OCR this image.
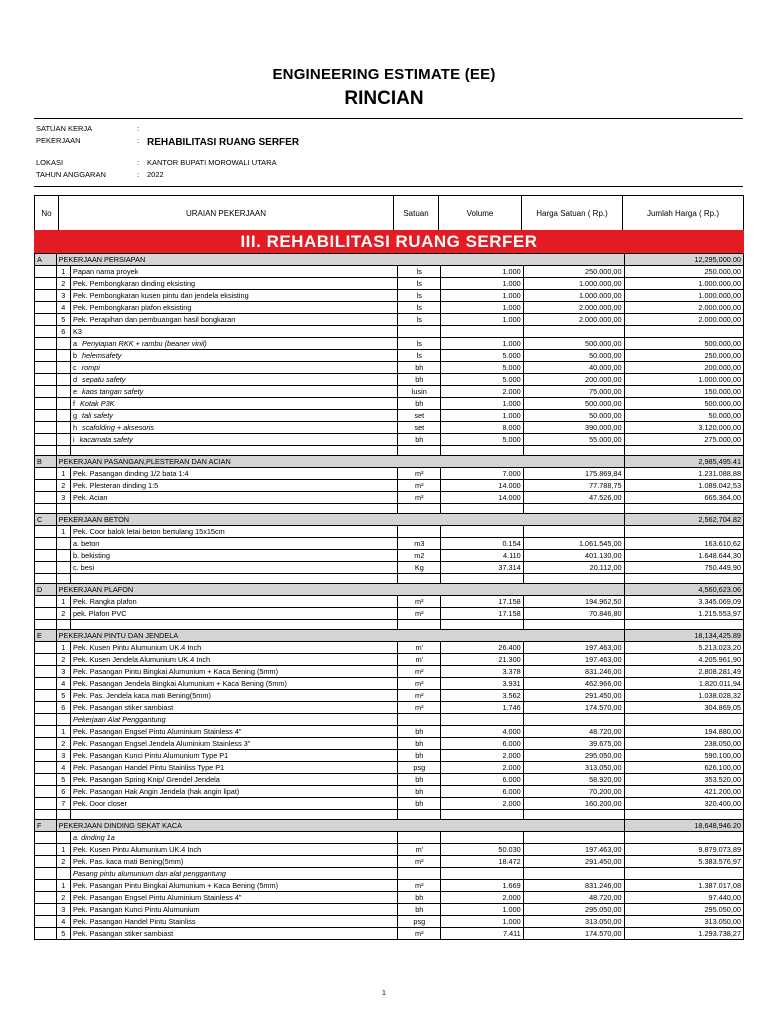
ENGINEERING ESTIMATE (EE)
RINCIAN
SATUAN KERJA	:
PEKERJAAN	: REHABILITASI RUANG SERFER
LOKASI	: KANTOR BUPATI MOROWALI UTARA
TAHUN ANGGARAN	: 2022
No	URAIAN PEKERJAAN	Satuan	Volume	Harga Satuan ( Rp.)	Jumlah Harga ( Rp.)
III. REHABILITASI RUANG SERFER
A	PEKERJAAN PERSIAPAN					12,295,000.00
	1	Papan nama proyek	ls	1.000	250.000,00	250.000,00
	2	Pek. Pembongkaran dinding eksisting	ls	1.000	1.000.000,00	1.000.000,00
	3	Pek. Pembongkaran kusen pintu dan jendela eksisting	ls	1.000	1.000.000,00	1.000.000,00
	4	Pek. Pembongkaran plafon eksisting	ls	1.000	2.000.000,00	2.000.000,00
	5	Pek. Perapihan dan pembuangan hasil bongkaran	ls	1.000	2.000.000,00	2.000.000,00
	6	K3				
		a Penyiapan RKK + rambu (beaner vinil)	ls	1.000	500.000,00	500.000,00
		b helemsafety	ls	5.000	50.000,00	250.000,00
		c rompi	bh	5.000	40.000,00	200.000,00
		d sepatu safety	bh	5.000	200.000,00	1.000.000,00
		e kaos tangan safety	lusin	2.000	75.000,00	150.000,00
		f Kotak P3K	bh	1.000	500.000,00	500.000,00
		g tali safety	set	1.000	50.000,00	50.000,00
		h scafolding + aksesoris	set	8.000	390.000,00	3.120.000,00
		i kacamata safety	bh	5.000	55.000,00	275.000,00

B	PEKERJAAN PASANGAN,PLESTERAN DAN ACIAN					2,985,495.41
	1	Pek. Pasangan dinding 1/2 bata 1:4	m²	7.000	175.869,84	1.231.088,88
	2	Pek. Plesteran dinding 1:5	m²	14.000	77.788,75	1.089.042,53
	3	Pek. Acian	m²	14.000	47.526,00	665.364,00

C	PEKERJAAN BETON					2,562,704.82
	1	Pek. Coor balok letai beton bertulang 15x15cm				
		a. beton	m3	0.154	1.061.545,00	163.610,62
		b. bekisting	m2	4.110	401.130,00	1.648.644,30
		c. besi	Kg	37.314	20.112,00	750.449,90

D	PEKERJAAN PLAFON					4,560,623.06
	1	Pek. Rangka plafon	m²	17.158	194.962,50	3.345.069,09
	2	pek. Plafon PVC	m²	17.158	70.846,80	1.215.553,97

E	PEKERJAAN PINTU DAN JENDELA					18,134,425.89
	1	Pek. Kusen Pintu Alumunium UK.4 Inch	m'	26.400	197.463,00	5.213.023,20
	2	Pek. Kusen Jendela Alumunium UK.4 Inch	m'	21.300	197.463,00	4.205.961,90
	3	Pek. Pasangan Pintu Bingkai Alumunium + Kaca Bening (5mm)	m²	3.378	831.246,00	2.808.281,49
	4	Pek. Pasangan Jendela Bingkai Alumunium + Kaca Bening (5mm)	m²	3.931	462.966,00	1.820.011,94
	5	Pek. Pas. Jendela kaca mati Bening(5mm)	m²	3.562	291.450,00	1.038.028,32
	6	Pek. Pasangan stiker sambiast	m²	1.746	174.570,00	304.869,05
		Pekerjaan Alat Penggantung				
	1	Pek. Pasangan Engsel Pintu Aluminium Stainless 4"	bh	4.000	48.720,00	194.880,00
	2	Pek. Pasangan Engsel Jendela Aluminium Stainless 3"	bh	6.000	39.675,00	238.050,00
	3	Pek. Pasangan Kunci Pintu Alumunium Type P1	bh	2.000	295.050,00	590.100,00
	4	Pek. Pasangan Handel Pintu Stainliss Type P1	psg	2.000	313.050,00	626.100,00
	5	Pek. Pasangan Spring Knip/ Grendel Jendela	bh	6.000	58.920,00	353.520,00
	6	Pek. Pasangan Hak Angin Jendela (hak angin lipat)	bh	6.000	70.200,00	421.200,00
	7	Pek. Door closer	bh	2.000	160.200,00	320.400,00

F	PEKERJAAN DINDING SEKAT KACA					18,648,946.20
		a. dinding 1a				
	1	Pek. Kusen Pintu Alumunium UK.4 Inch	m'	50.030	197.463,00	9.879.073,89
	2	Pek. Pas. kaca mati Bening(5mm)	m²	18.472	291.450,00	5.383.576,97
		Pasang pintu alumunium dan alat penggantung				
	1	Pek. Pasangan Pintu Bingkai Alumunium + Kaca Bening (5mm)	m²	1.669	831.246,00	1.387.017,08
	2	Pek. Pasangan Engsel Pintu Aluminium Stainless 4"	bh	2.000	48.720,00	97.440,00
	3	Pek. Pasangan Kunci Pintu Alumunium	bh	1.000	295.050,00	295.050,00
	4	Pek. Pasangan Handel Pintu Stainliss	psg	1.000	313.050,00	313.050,00
	5	Pek. Pasangan stiker sambiast	m²	7.411	174.570,00	1.293.738,27
1
